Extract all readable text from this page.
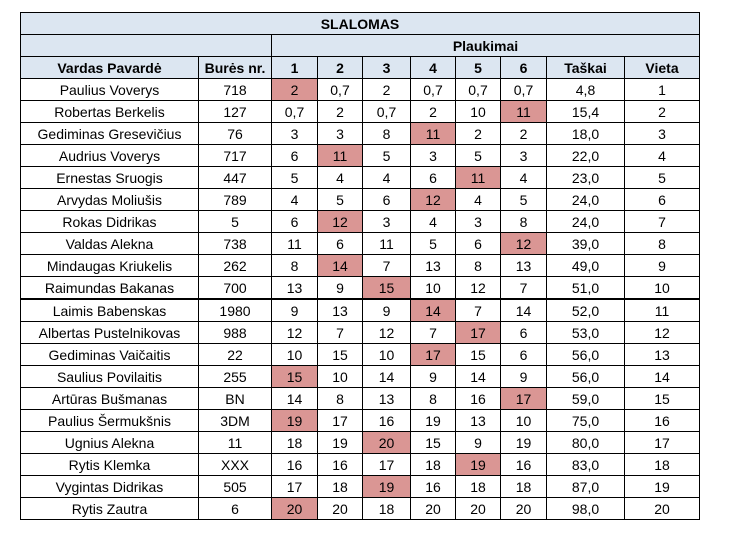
SLALOMAS									
		Plaukimai							
Vardas Pavardė	Burės nr.	1	2	3	4	5	6	Taškai	Vieta
Paulius Voverys	718	2	0,7	2	0,7	0,7	0,7	4,8	1
Robertas Berkelis	127	0,7	2	0,7	2	10	11	15,4	2
Gediminas Gresevičius	76	3	3	8	11	2	2	18,0	3
Audrius Voverys	717	6	11	5	3	5	3	22,0	4
Ernestas Sruogis	447	5	4	4	6	11	4	23,0	5
Arvydas Moliušis	789	4	5	6	12	4	5	24,0	6
Rokas Didrikas	5	6	12	3	4	3	8	24,0	7
Valdas Alekna	738	11	6	11	5	6	12	39,0	8
Mindaugas Kriukelis	262	8	14	7	13	8	13	49,0	9
Raimundas Bakanas	700	13	9	15	10	12	7	51,0	10
Laimis Babenskas	1980	9	13	9	14	7	14	52,0	11
Albertas Pustelnikovas	988	12	7	12	7	17	6	53,0	12
Gediminas Vaičaitis	22	10	15	10	17	15	6	56,0	13
Saulius Povilaitis	255	15	10	14	9	14	9	56,0	14
Artūras Bušmanas	BN	14	8	13	8	16	17	59,0	15
Paulius Šermukšnis	3DM	19	17	16	19	13	10	75,0	16
Ugnius Alekna	11	18	19	20	15	9	19	80,0	17
Rytis Klemka	XXX	16	16	17	18	19	16	83,0	18
Vygintas Didrikas	505	17	18	19	16	18	18	87,0	19
Rytis Zautra	6	20	20	18	20	20	20	98,0	20
